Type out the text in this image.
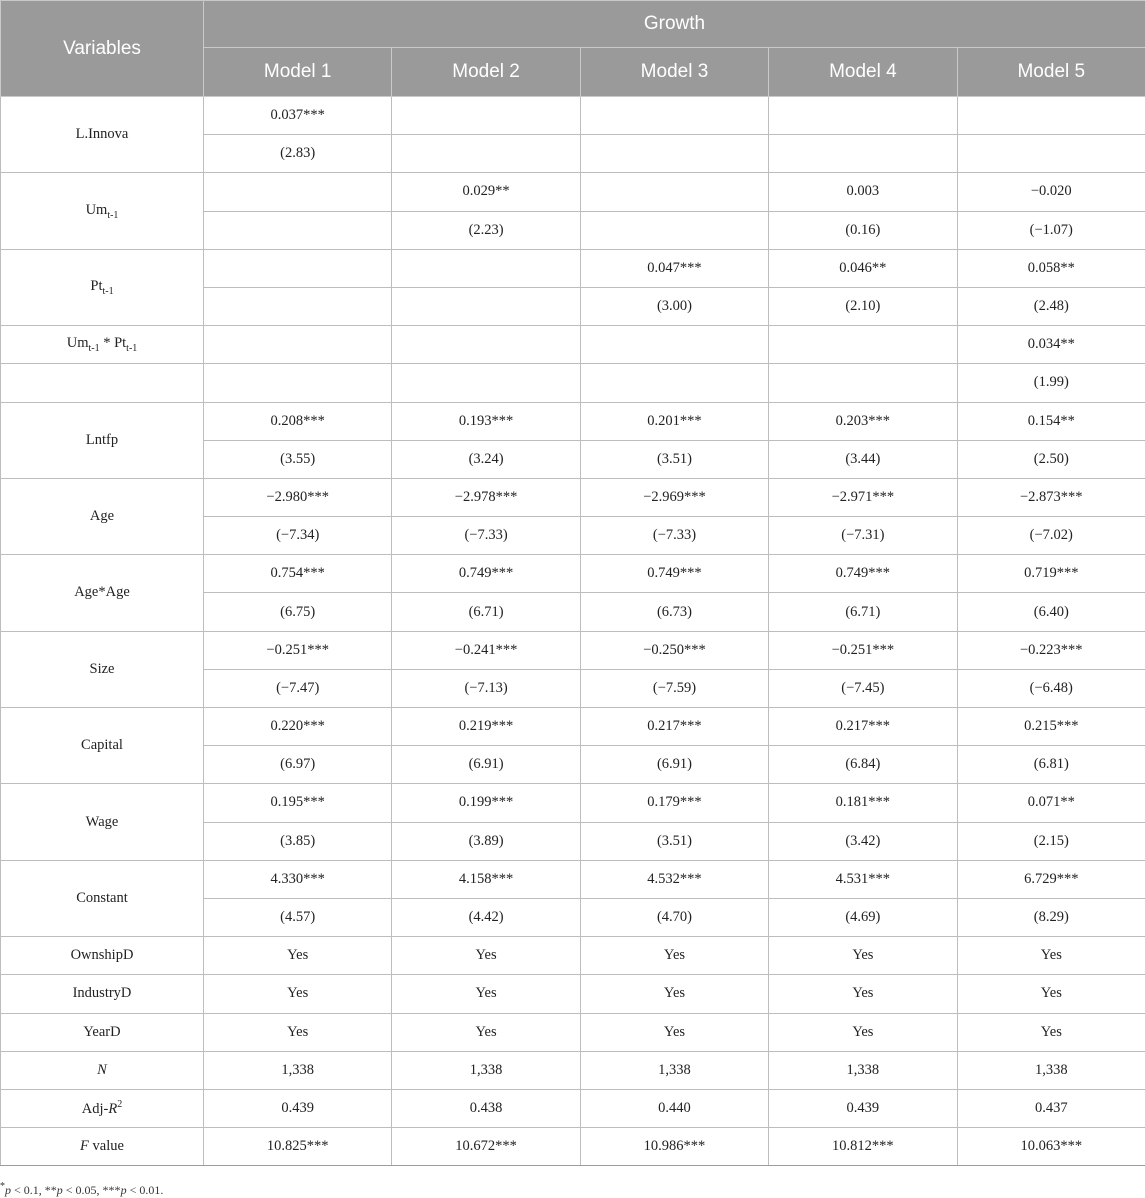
Variables	Growth				
	Model 1	Model 2	Model 3	Model 4	Model 5
L.Innova	0.037***				
	(2.83)				
$Um_{t-1}$		0.029**		0.003	−0.020
		(2.23)		(0.16)	(−1.07)
$Pt_{t-1}$			0.047***	0.046**	0.058**
			(3.00)	(2.10)	(2.48)
$Um_{t-1} * Pt_{t-1}$					0.034**
					(1.99)
Lntfp	0.208***	0.193***	0.201***	0.203***	0.154**
	(3.55)	(3.24)	(3.51)	(3.44)	(2.50)
Age	−2.980***	−2.978***	−2.969***	−2.971***	−2.873***
	(−7.34)	(−7.33)	(−7.33)	(−7.31)	(−7.02)
Age*Age	0.754***	0.749***	0.749***	0.749***	0.719***
	(6.75)	(6.71)	(6.73)	(6.71)	(6.40)
Size	−0.251***	−0.241***	−0.250***	−0.251***	−0.223***
	(−7.47)	(−7.13)	(−7.59)	(−7.45)	(−6.48)
Capital	0.220***	0.219***	0.217***	0.217***	0.215***
	(6.97)	(6.91)	(6.91)	(6.84)	(6.81)
Wage	0.195***	0.199***	0.179***	0.181***	0.071**
	(3.85)	(3.89)	(3.51)	(3.42)	(2.15)
Constant	4.330***	4.158***	4.532***	4.531***	6.729***
	(4.57)	(4.42)	(4.70)	(4.69)	(8.29)
OwnshipD	Yes	Yes	Yes	Yes	Yes
IndustryD	Yes	Yes	Yes	Yes	Yes
YearD	Yes	Yes	Yes	Yes	Yes
N	1,338	1,338	1,338	1,338	1,338
Adj-$R^2$	0.439	0.438	0.440	0.439	0.437
F value	10.825***	10.672***	10.986***	10.812***	10.063***
*p < 0.1, **p < 0.05, ***p < 0.01.
